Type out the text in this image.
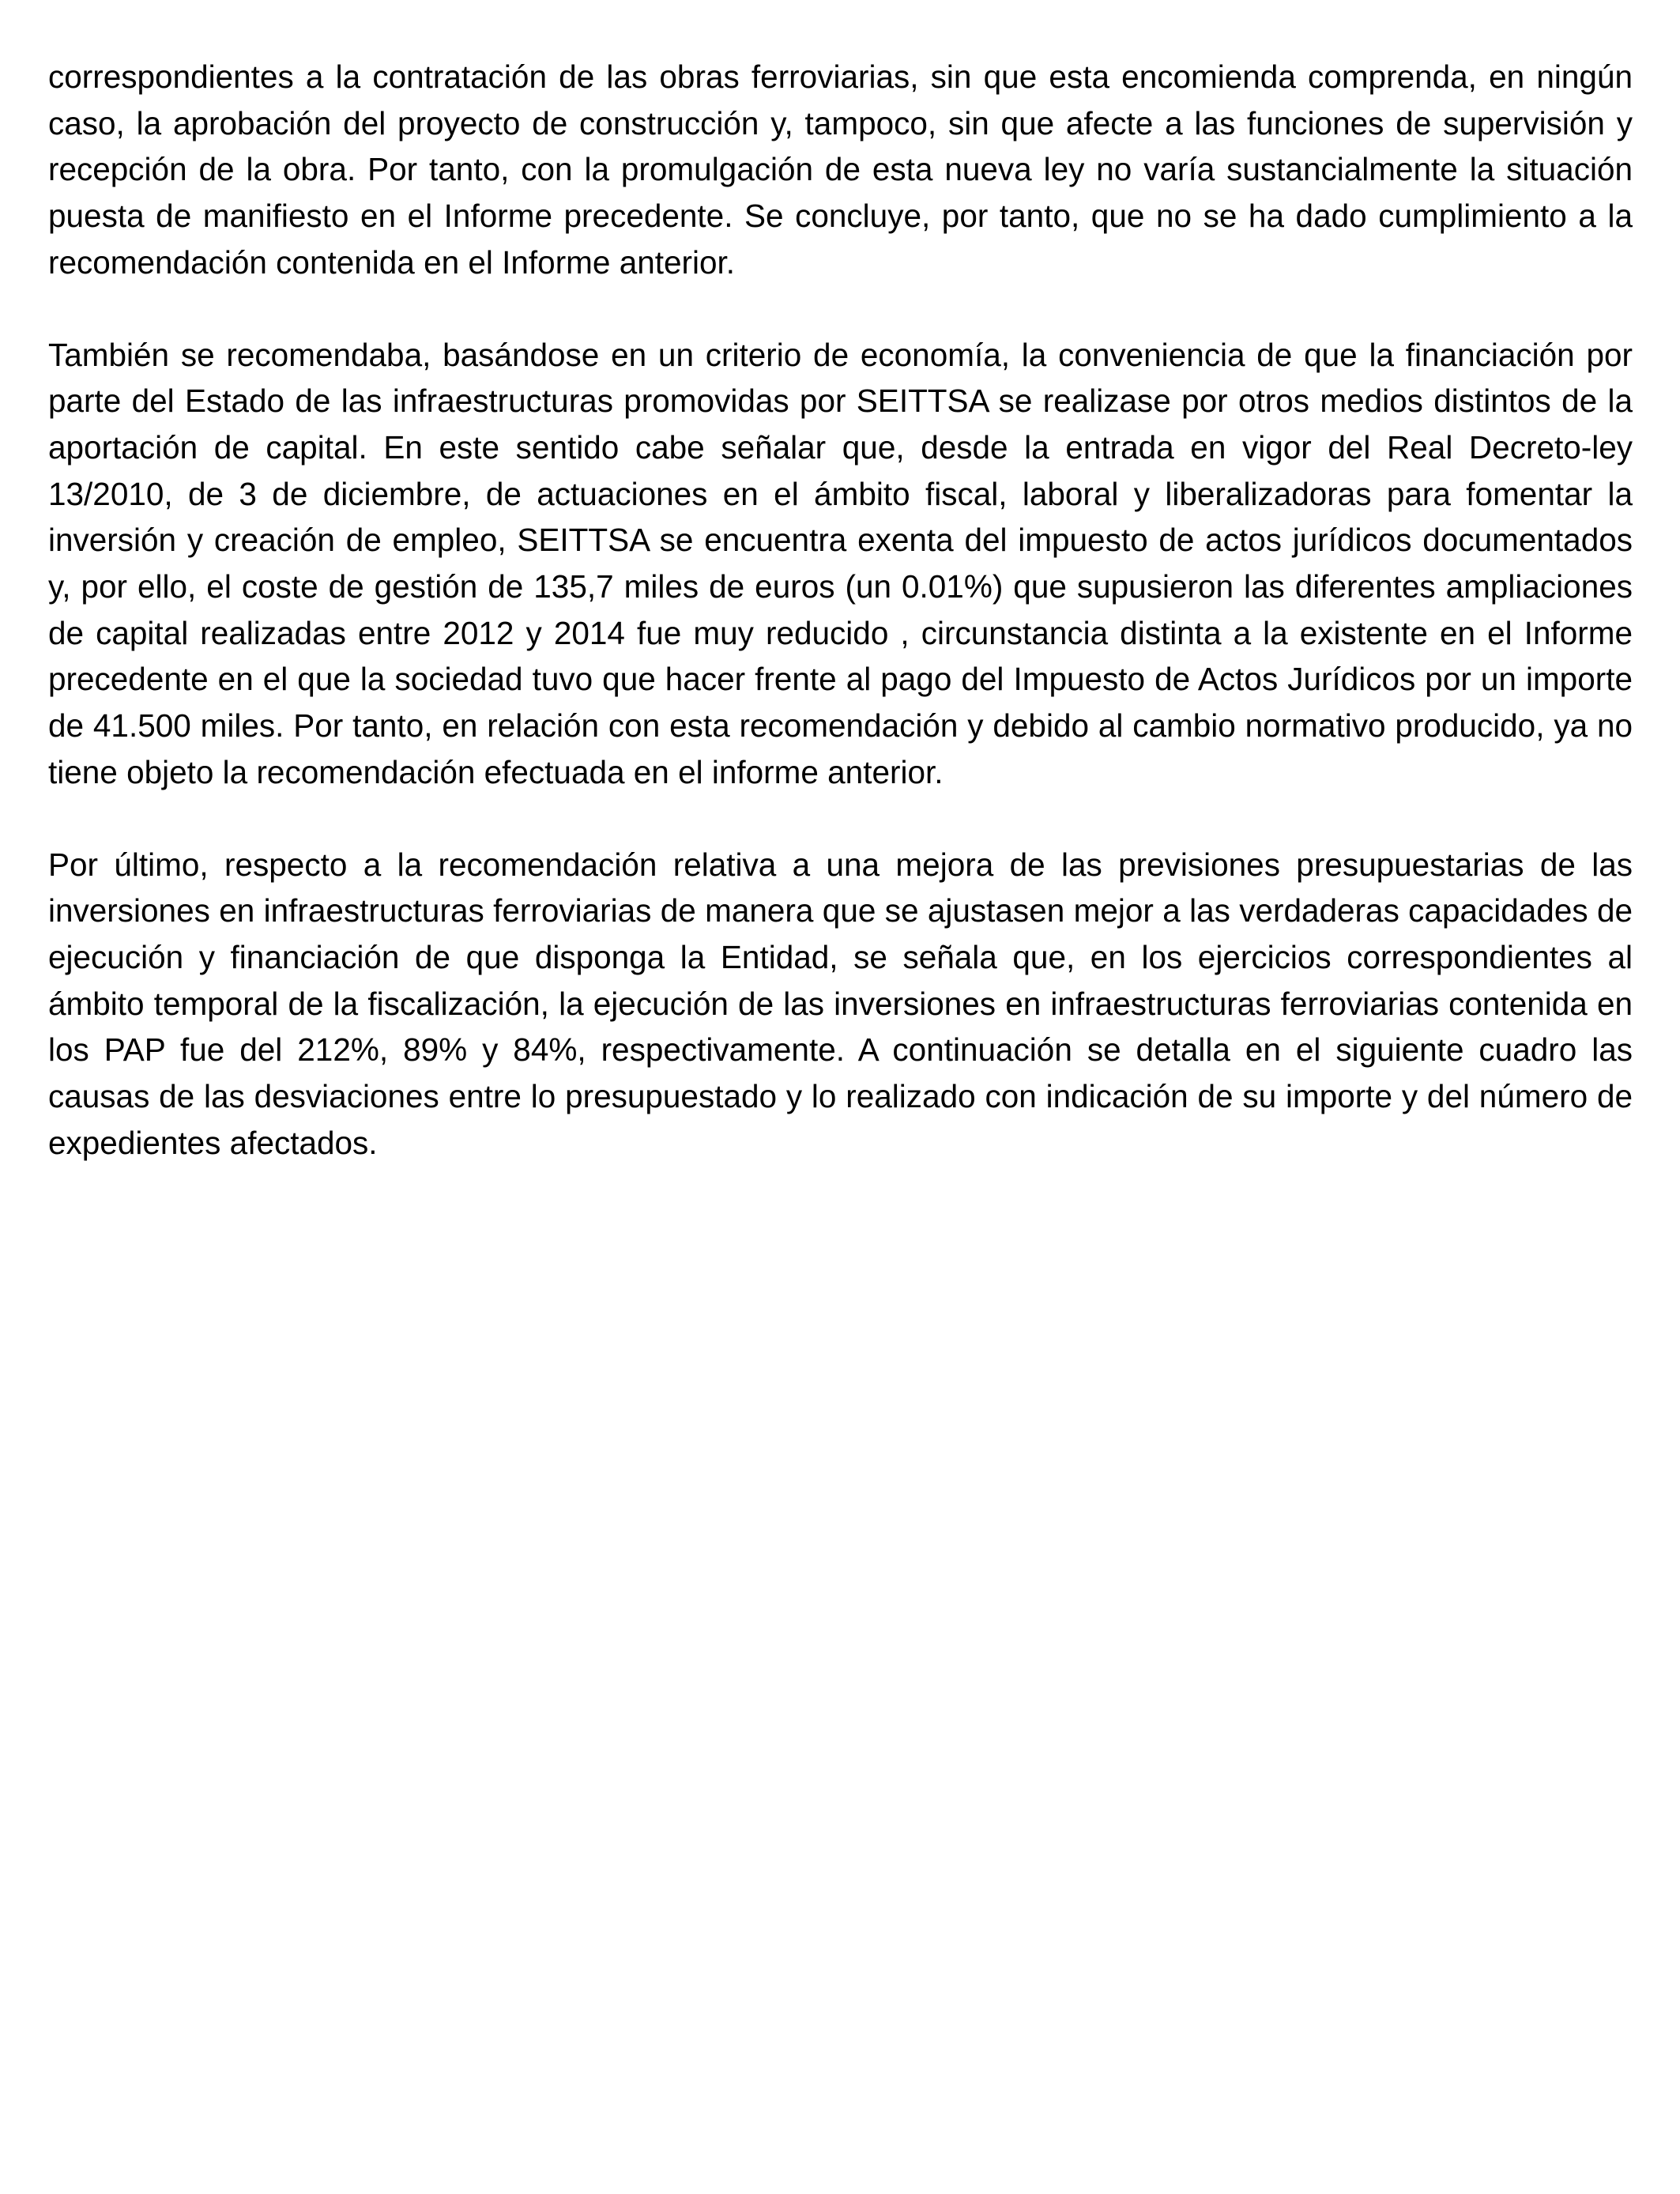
correspondientes a la contratación de las obras ferroviarias, sin que esta encomienda comprenda, en ningún caso, la aprobación del proyecto de construcción y, tampoco, sin que afecte a las funciones de supervisión y recepción de la obra. Por tanto, con la promulgación de esta nueva ley no varía sustancialmente la situación puesta de manifiesto en el Informe precedente. Se concluye, por tanto, que no se ha dado cumplimiento a la recomendación contenida en el Informe anterior.

También se recomendaba, basándose en un criterio de economía, la conveniencia de que la financiación por parte del Estado de las infraestructuras promovidas por SEITTSA se realizase por otros medios distintos de la aportación de capital. En este sentido cabe señalar que, desde la entrada en vigor del Real Decreto-ley 13/2010, de 3 de diciembre, de actuaciones en el ámbito fiscal, laboral y liberalizadoras para fomentar la inversión y creación de empleo, SEITTSA se encuentra exenta del impuesto de actos jurídicos documentados y, por ello, el coste de gestión de 135,7 miles de euros (un 0.01%) que supusieron las diferentes ampliaciones de capital realizadas entre 2012 y 2014 fue muy reducido , circunstancia distinta a la existente en el Informe precedente en el que la sociedad tuvo que hacer frente al pago del Impuesto de Actos Jurídicos por un importe de 41.500 miles. Por tanto, en relación con esta recomendación y debido al cambio normativo producido, ya no tiene objeto la recomendación efectuada en el informe anterior.

Por último, respecto a la recomendación relativa a una mejora de las previsiones presupuestarias de las inversiones en infraestructuras ferroviarias de manera que se ajustasen mejor a las verdaderas capacidades de ejecución y financiación de que disponga la Entidad, se señala que, en los ejercicios correspondientes al ámbito temporal de la fiscalización, la ejecución de las inversiones en infraestructuras ferroviarias contenida en los PAP fue del 212%, 89% y 84%, respectivamente. A continuación se detalla en el siguiente cuadro las causas de las desviaciones entre lo presupuestado y lo realizado con indicación de su importe y del número de expedientes afectados.
